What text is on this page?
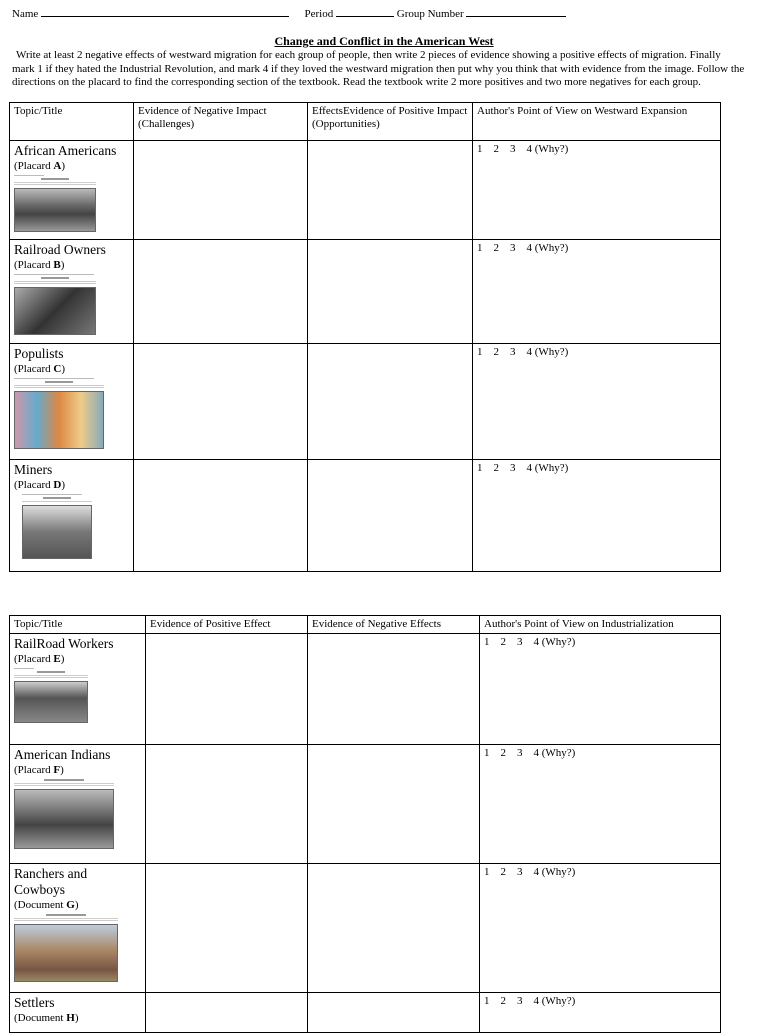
Name	Period	Group Number
Change and Conflict in the American West
Write at least 2 negative effects of westward migration for each group of people, then write 2 pieces of evidence showing a positive effects of migration. Finally mark 1 if they hated the Industrial Revolution, and mark 4 if they loved the westward migration then put why you think that with evidence from the image. Follow the directions on the placard to find the corresponding section of the textbook. Read the textbook write 2 more positives and two more negatives for each group.
Topic/Title	Evidence of Negative Impact (Challenges)	EffectsEvidence of Positive Impact (Opportunities)	Author's Point of View on Westward Expansion

African Americans
(Placard A)			1    2    3    4 (Why?)

Railroad Owners
(Placard B)			1    2    3    4 (Why?)

Populists
(Placard C)			1    2    3    4 (Why?)

Miners
(Placard D)			1    2    3    4 (Why?)
Topic/Title	Evidence of Positive Effect	Evidence of Negative Effects	Author's Point of View on Industrialization

RailRoad Workers
(Placard E)			1    2    3    4 (Why?)

American Indians
(Placard F)			1    2    3    4 (Why?)

Ranchers and Cowboys
(Document G)			1    2    3    4 (Why?)

Settlers
(Document H)			1    2    3    4 (Why?)
